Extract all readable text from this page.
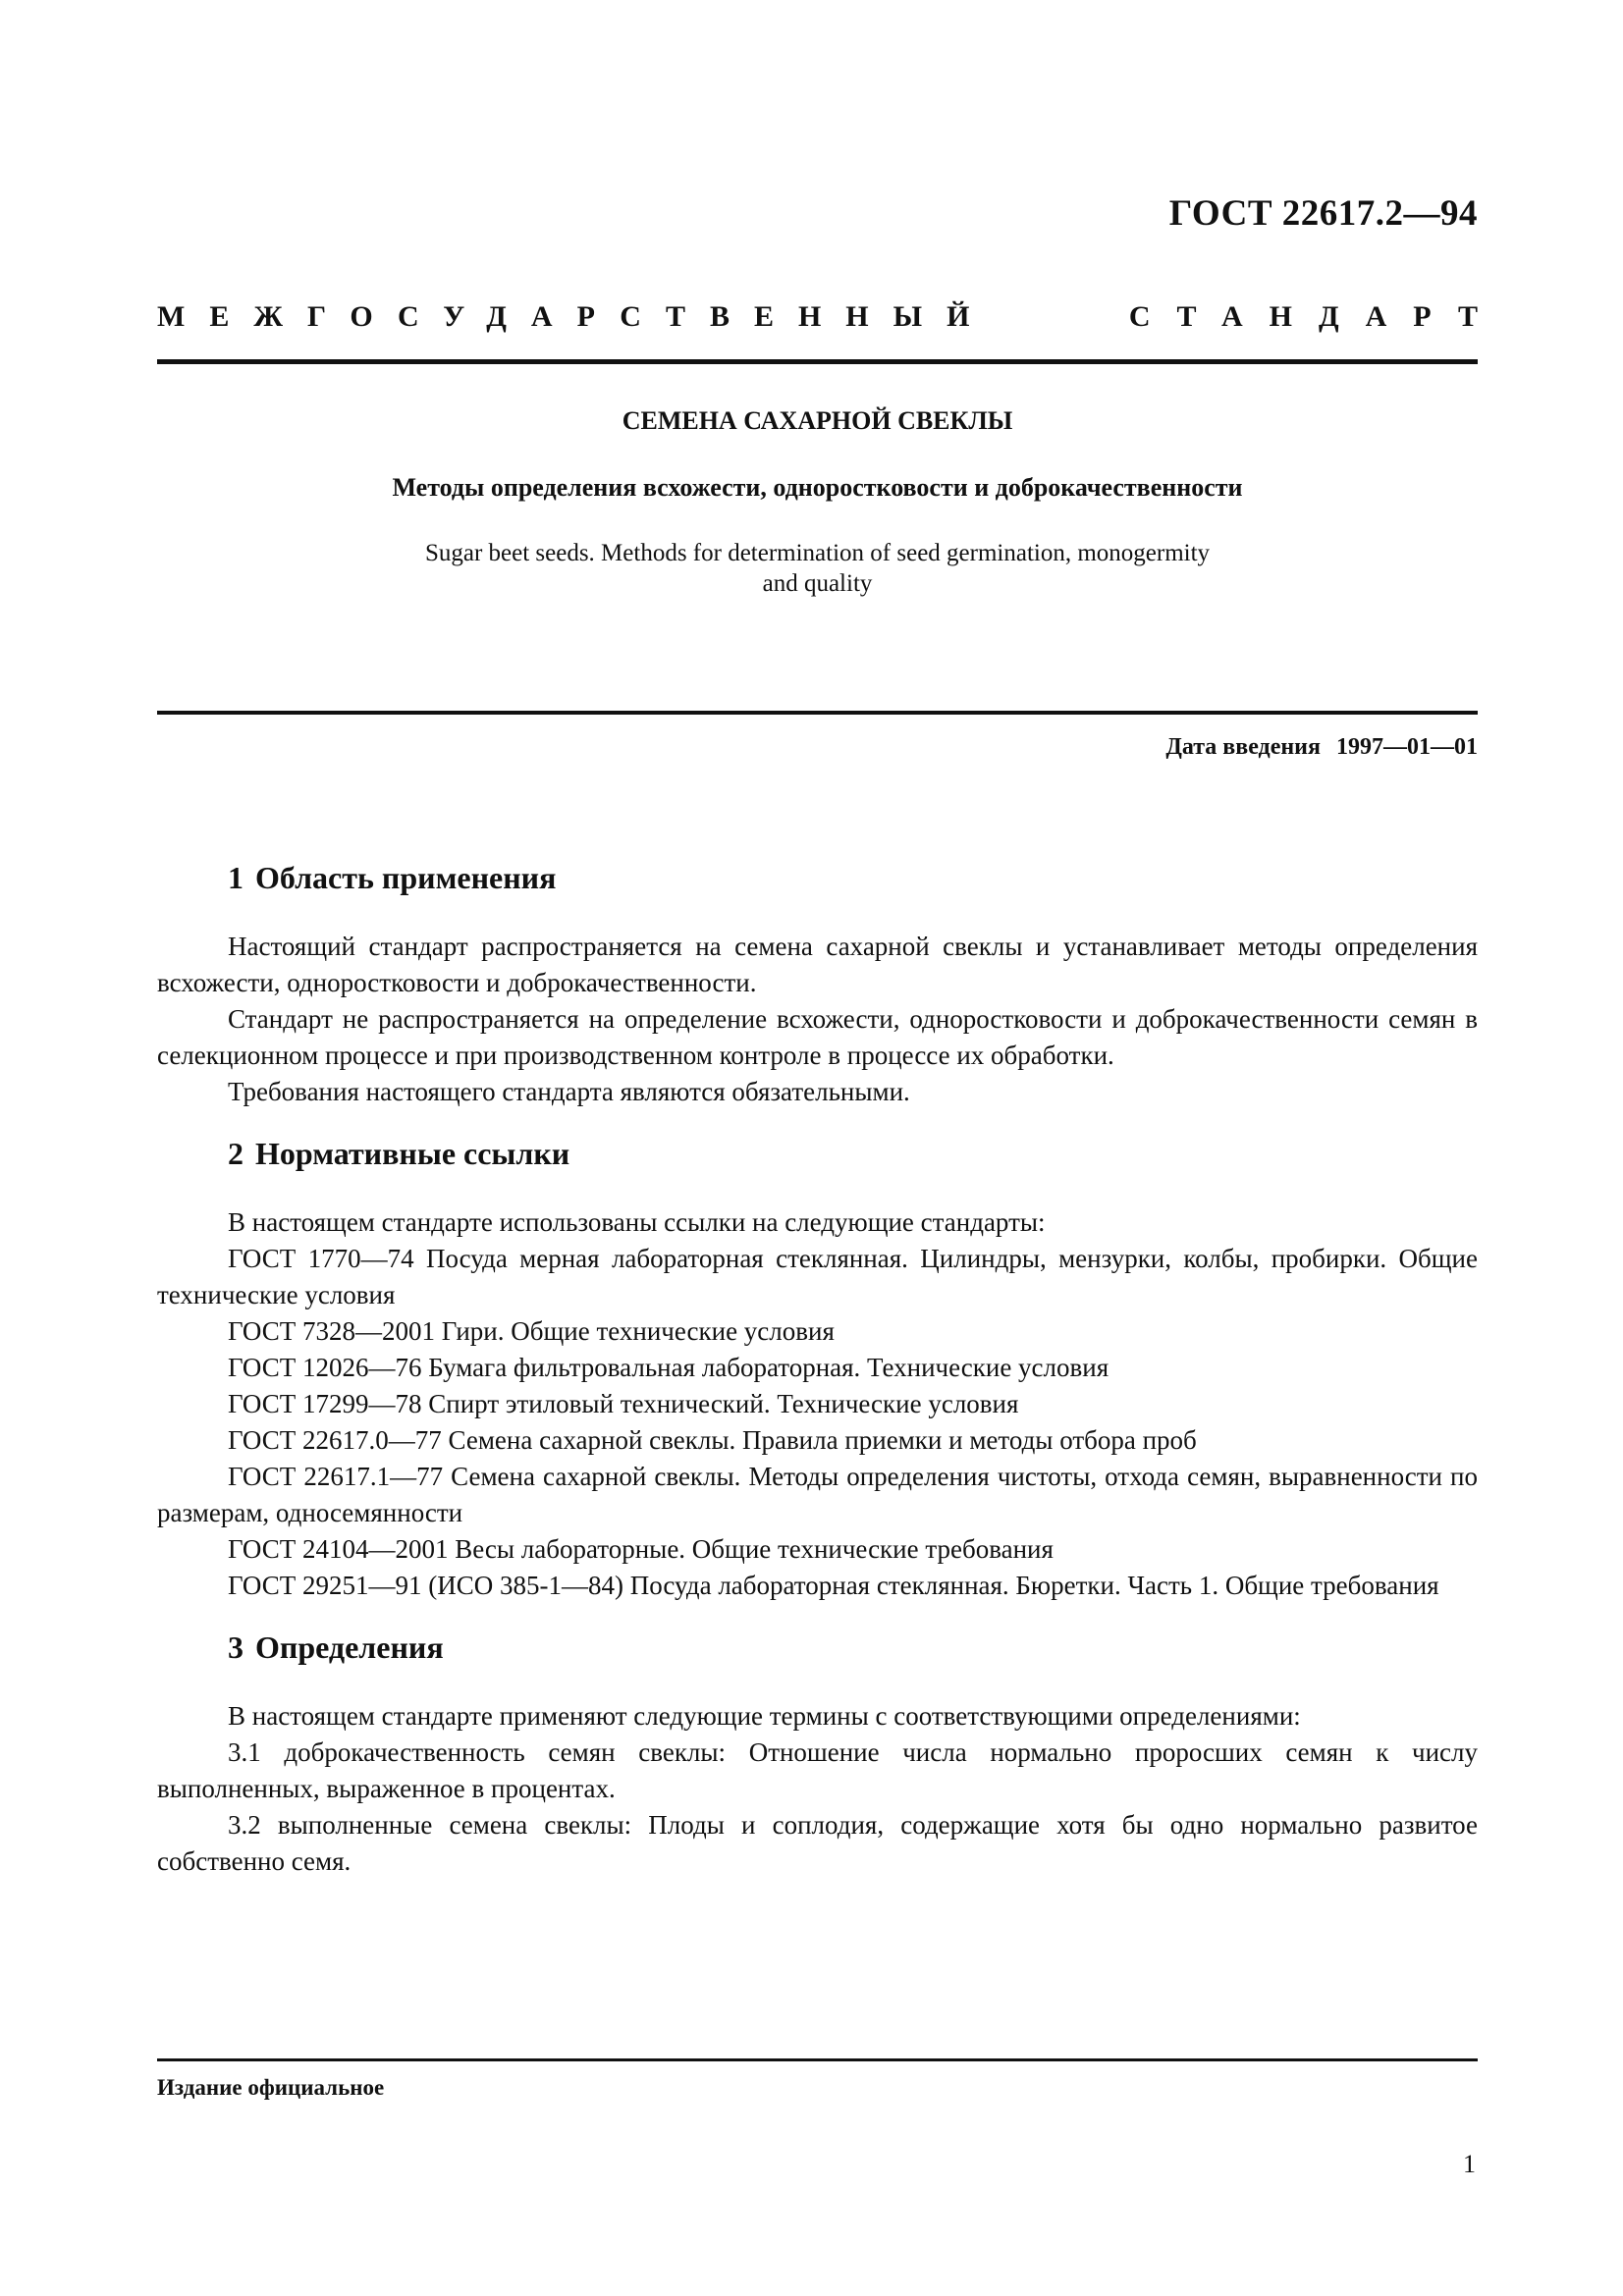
ГОСТ 22617.2—94
МЕЖГОСУДАРСТВЕННЫЙ	СТАНДАРТ
СЕМЕНА САХАРНОЙ СВЕКЛЫ
Методы определения всхожести, одноростковости и доброкачественности
Sugar beet seeds. Methods for determination of seed germination, monogermity
and quality
Дата введения 1997—01—01
1 Область применения

Настоящий стандарт распространяется на семена сахарной свеклы и устанавливает методы определения всхожести, одноростковости и доброкачественности.

Стандарт не распространяется на определение всхожести, одноростковости и доброкачественности семян в селекционном процессе и при производственном контроле в процессе их обработки.

Требования настоящего стандарта являются обязательными.

2 Нормативные ссылки

В настоящем стандарте использованы ссылки на следующие стандарты:

ГОСТ 1770—74 Посуда мерная лабораторная стеклянная. Цилиндры, мензурки, колбы, пробирки. Общие технические условия

ГОСТ 7328—2001 Гири. Общие технические условия

ГОСТ 12026—76 Бумага фильтровальная лабораторная. Технические условия

ГОСТ 17299—78 Спирт этиловый технический. Технические условия

ГОСТ 22617.0—77 Семена сахарной свеклы. Правила приемки и методы отбора проб

ГОСТ 22617.1—77 Семена сахарной свеклы. Методы определения чистоты, отхода семян, выравненности по размерам, односемянности

ГОСТ 24104—2001 Весы лабораторные. Общие технические требования

ГОСТ 29251—91 (ИСО 385-1—84) Посуда лабораторная стеклянная. Бюретки. Часть 1. Общие требования

3 Определения

В настоящем стандарте применяют следующие термины с соответствующими определениями:

3.1 доброкачественность семян свеклы: Отношение числа нормально проросших семян к числу выполненных, выраженное в процентах.

3.2 выполненные семена свеклы: Плоды и соплодия, содержащие хотя бы одно нормально развитое собственно семя.

Издание официальное
1
